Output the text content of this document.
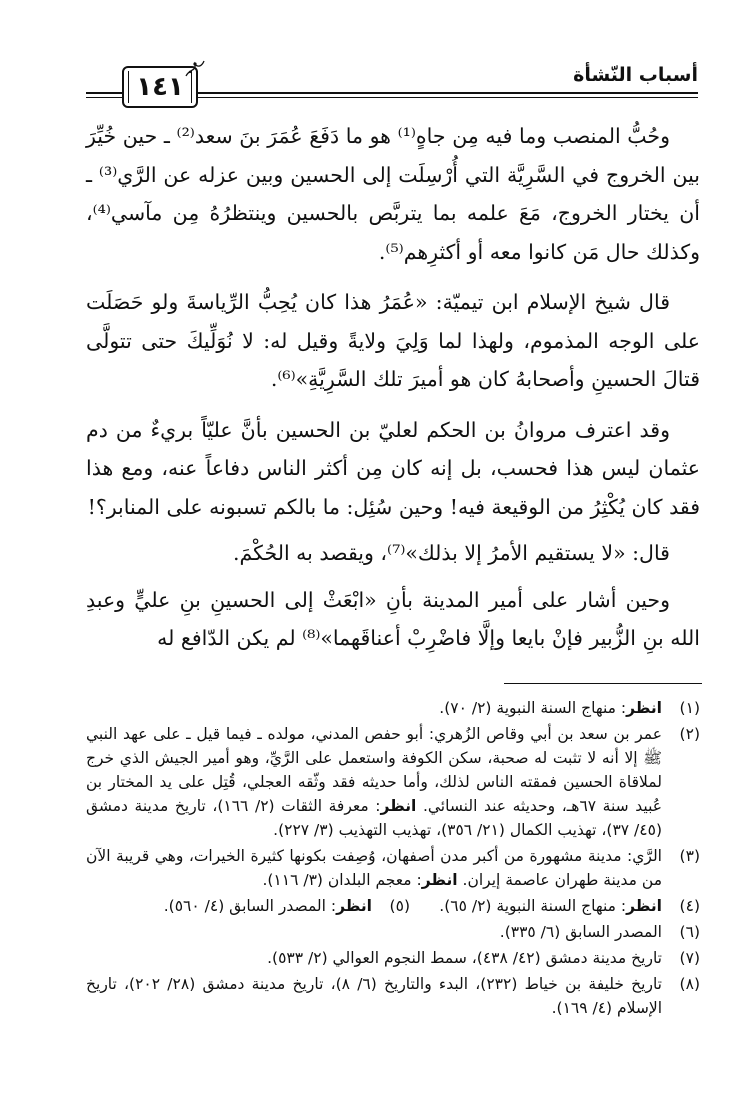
أسباب النّشأة
١٤١

وحُبُّ المنصب وما فيه مِن جاهٍ⁽¹⁾ هو ما دَفَعَ عُمَرَ بنَ سعد⁽²⁾ ـ حين خُيِّرَ بين الخروج في السَّرِيَّة التي أُرْسِلَت إلى الحسين وبين عزله عن الرَّي⁽³⁾ ـ أن يختار الخروج، مَعَ علمه بما يتربَّص بالحسين وينتظرُهُ مِن مآسي⁽⁴⁾، وكذلك حال مَن كانوا معه أو أكثرِهم⁽⁵⁾.

قال شيخ الإسلام ابن تيميّة: «عُمَرُ هذا كان يُحِبُّ الرِّياسةَ ولو حَصَلَت على الوجه المذموم، ولهذا لما وَلِيَ ولايةً وقيل له: لا نُوَلِّيكَ حتى تتولَّى قتالَ الحسينِ وأصحابهُ كان هو أميرَ تلك السَّرِيَّةِ»⁽⁶⁾.

وقد اعترف مروانُ بن الحكم لعليّ بن الحسين بأنَّ عليّاً بريءٌ من دم عثمان ليس هذا فحسب، بل إنه كان مِن أكثر الناس دفاعاً عنه، ومع هذا فقد كان يُكْثِرُ من الوقيعة فيه! وحين سُئِل: ما بالكم تسبونه على المنابر؟!

قال: «لا يستقيم الأمرُ إلا بذلك»⁽⁷⁾، ويقصد به الحُكْمَ.

وحين أشار على أمير المدينة بأنِ «ابْعَثْ إلى الحسينِ بنِ عليٍّ وعبدِ الله بنِ الزُّبير فإنْ بايعا وإلَّا فاضْرِبْ أعناقَهما»⁽⁸⁾ لم يكن الدّافع له

(١)
انظر: منهاج السنة النبوية (٢/ ٧٠).
(٢)
عمر بن سعد بن أبي وقاص الزُهري: أبو حفص المدني، مولده ـ فيما قيل ـ على عهد النبي ﷺ إلا أنه لا تثبت له صحبة، سكن الكوفة واستعمل على الرَّيِّ، وهو أمير الجيش الذي خرج لملاقاة الحسين فمقته الناس لذلك، وأما حديثه فقد وثّقه العجلي، قُتِل على يد المختار بن عُبيد سنة ٦٧هـ، وحديثه عند النسائي. انظر: معرفة الثقات (٢/ ١٦٦)، تاريخ مدينة دمشق (٤٥/ ٣٧)، تهذيب الكمال (٢١/ ٣٥٦)، تهذيب التهذيب (٣/ ٢٢٧).
(٣)
الرَّي: مدينة مشهورة من أكبر مدن أصفهان، وُصِفت بكونها كثيرة الخيرات، وهي قريبة الآن من مدينة طهران عاصمة إيران. انظر: معجم البلدان (٣/ ١١٦).
(٤)
انظر: منهاج السنة النبوية (٢/ ٦٥).
(٥)
انظر: المصدر السابق (٤/ ٥٦٠).
(٦)
المصدر السابق (٦/ ٣٣٥).
(٧)
تاريخ مدينة دمشق (٤٢/ ٤٣٨)، سمط النجوم العوالي (٢/ ٥٣٣).
(٨)
تاريخ خليفة بن خياط (٢٣٢)، البدء والتاريخ (٦/ ٨)، تاريخ مدينة دمشق (٢٨/ ٢٠٢)، تاريخ الإسلام (٤/ ١٦٩).
